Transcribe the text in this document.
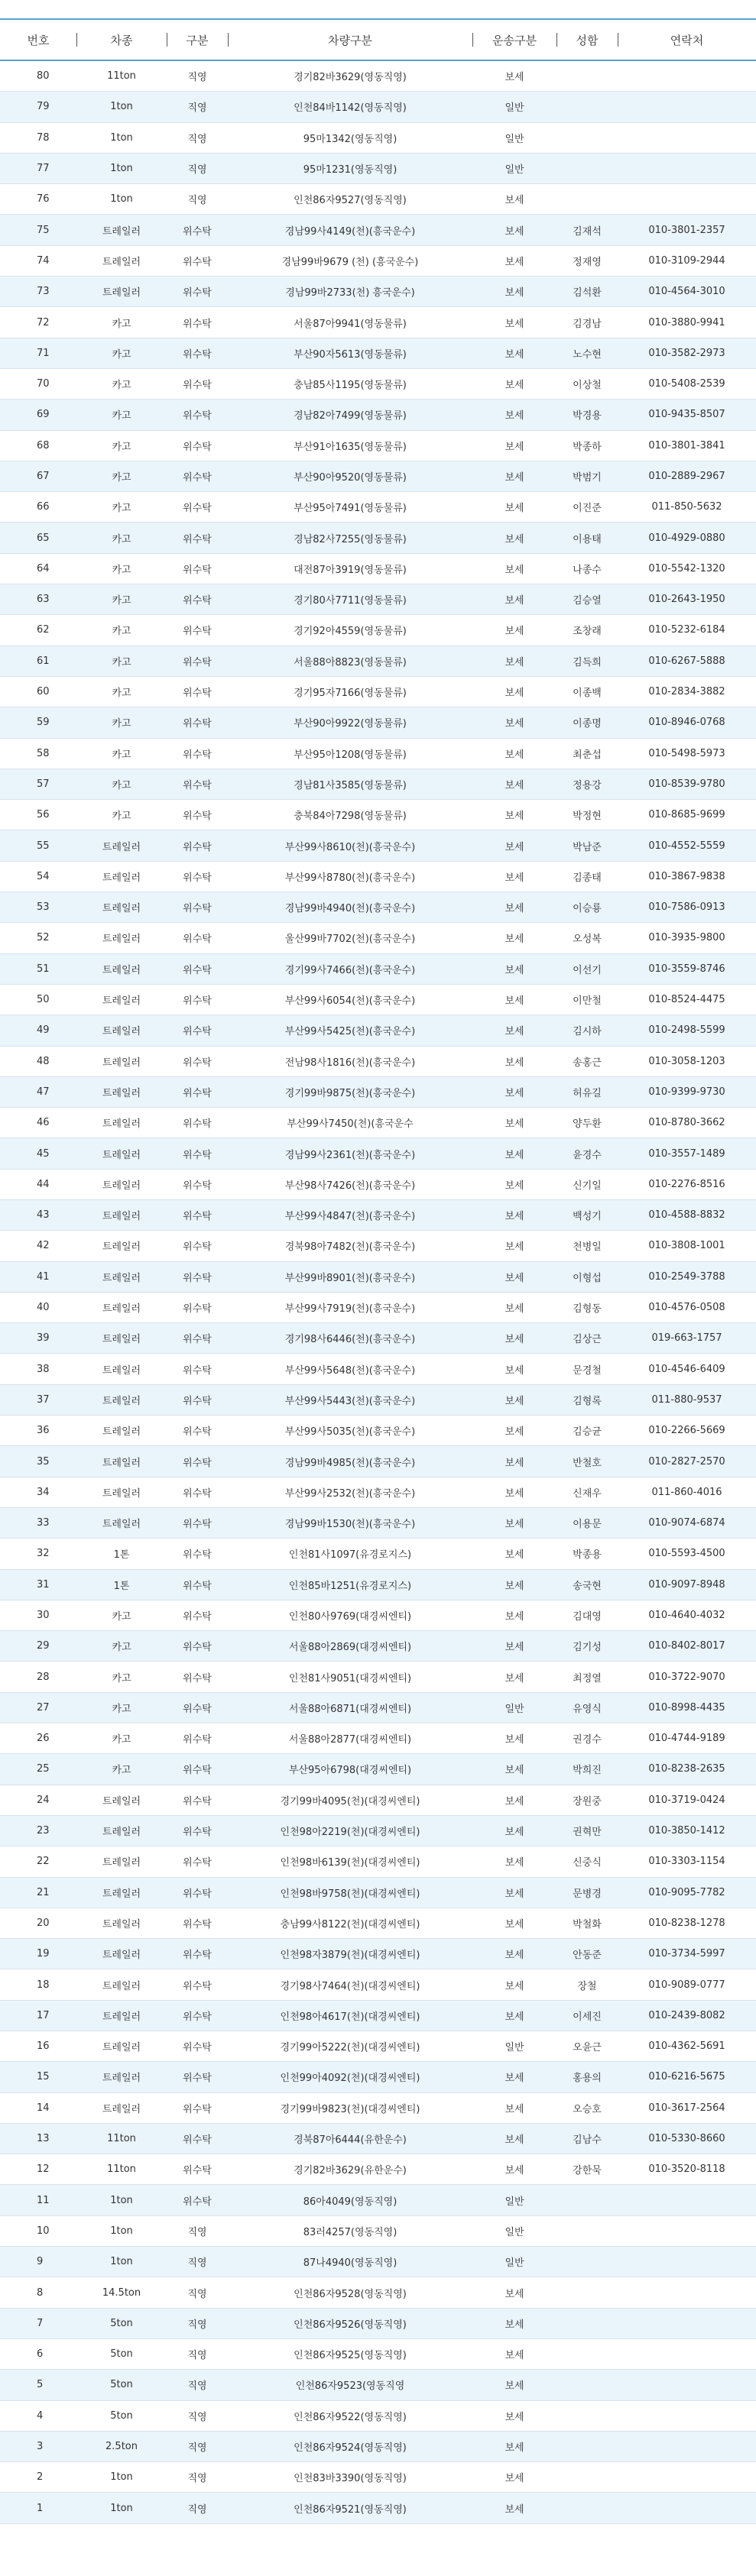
번호	차종	구분	차량구분	운송구분	성함	연락처
80	11ton	직영	경기82바3629(영동직영)	보세		
79	1ton	직영	인천84바1142(영동직영)	일반		
78	1ton	직영	95마1342(영동직영)	일반		
77	1ton	직영	95마1231(영동직영)	일반		
76	1ton	직영	인천86자9527(영동직영)	보세		
75	트레일러	위수탁	경남99사4149(천)(흥국운수)	보세	김재석	010-3801-2357
74	트레일러	위수탁	경남99바9679 (천) (흥국운수)	보세	정재영	010-3109-2944
73	트레일러	위수탁	경남99바2733(천) 흥국운수)	보세	김석환	010-4564-3010
72	카고	위수탁	서울87아9941(영동물류)	보세	김경남	010-3880-9941
71	카고	위수탁	부산90자5613(영동물류)	보세	노수현	010-3582-2973
70	카고	위수탁	충남85사1195(영동물류)	보세	이상철	010-5408-2539
69	카고	위수탁	경남82아7499(영동물류)	보세	박경용	010-9435-8507
68	카고	위수탁	부산91아1635(영동물류)	보세	박종하	010-3801-3841
67	카고	위수탁	부산90아9520(영동물류)	보세	박범기	010-2889-2967
66	카고	위수탁	부산95아7491(영동물류)	보세	이진준	011-850-5632
65	카고	위수탁	경남82사7255(영동물류)	보세	이용태	010-4929-0880
64	카고	위수탁	대전87아3919(영동물류)	보세	나종수	010-5542-1320
63	카고	위수탁	경기80사7711(영동물류)	보세	김승열	010-2643-1950
62	카고	위수탁	경기92아4559(영동물류)	보세	조창래	010-5232-6184
61	카고	위수탁	서울88아8823(영동물류)	보세	김득희	010-6267-5888
60	카고	위수탁	경기95자7166(영동물류)	보세	이종백	010-2834-3882
59	카고	위수탁	부산90아9922(영동물류)	보세	이종명	010-8946-0768
58	카고	위수탁	부산95아1208(영동물류)	보세	최춘섭	010-5498-5973
57	카고	위수탁	경남81사3585(영동물류)	보세	정용강	010-8539-9780
56	카고	위수탁	충북84아7298(영동물류)	보세	박정현	010-8685-9699
55	트레일러	위수탁	부산99사8610(천)(흥국운수)	보세	박남준	010-4552-5559
54	트레일러	위수탁	부산99사8780(천)(흥국운수)	보세	김종태	010-3867-9838
53	트레일러	위수탁	경남99바4940(천)(흥국운수)	보세	이승룡	010-7586-0913
52	트레일러	위수탁	울산99바7702(천)(흥국운수)	보세	오성복	010-3935-9800
51	트레일러	위수탁	경기99사7466(천)(흥국운수)	보세	이선기	010-3559-8746
50	트레일러	위수탁	부산99사6054(천)(흥국운수)	보세	이만철	010-8524-4475
49	트레일러	위수탁	부산99사5425(천)(흥국운수)	보세	김시하	010-2498-5599
48	트레일러	위수탁	전남98사1816(천)(흥국운수)	보세	송홍근	010-3058-1203
47	트레일러	위수탁	경기99바9875(천)(흥국운수)	보세	허유길	010-9399-9730
46	트레일러	위수탁	부산99사7450(천)(흥국운수	보세	양두환	010-8780-3662
45	트레일러	위수탁	경남99사2361(천)(흥국운수)	보세	윤경수	010-3557-1489
44	트레일러	위수탁	부산98사7426(천)(흥국운수)	보세	신기일	010-2276-8516
43	트레일러	위수탁	부산99사4847(천)(흥국운수)	보세	백성기	010-4588-8832
42	트레일러	위수탁	경북98아7482(천)(흥국운수)	보세	천병일	010-3808-1001
41	트레일러	위수탁	부산99바8901(천)(흥국운수)	보세	이형섭	010-2549-3788
40	트레일러	위수탁	부산99사7919(천)(흥국운수)	보세	김형동	010-4576-0508
39	트레일러	위수탁	경기98사6446(천)(흥국운수)	보세	김상근	019-663-1757
38	트레일러	위수탁	부산99사5648(천)(흥국운수)	보세	문경철	010-4546-6409
37	트레일러	위수탁	부산99사5443(천)(흥국운수)	보세	김형록	011-880-9537
36	트레일러	위수탁	부산99사5035(천)(흥국운수)	보세	김승균	010-2266-5669
35	트레일러	위수탁	경남99바4985(천)(흥국운수)	보세	반철호	010-2827-2570
34	트레일러	위수탁	부산99사2532(천)(흥국운수)	보세	신재우	011-860-4016
33	트레일러	위수탁	경남99바1530(천)(흥국운수)	보세	이용문	010-9074-6874
32	1톤	위수탁	인천81사1097(유경로지스)	보세	박종용	010-5593-4500
31	1톤	위수탁	인천85바1251(유경로지스)	보세	송국현	010-9097-8948
30	카고	위수탁	인천80사9769(대경씨엔티)	보세	김대영	010-4640-4032
29	카고	위수탁	서울88아2869(대경씨엔티)	보세	김기성	010-8402-8017
28	카고	위수탁	인천81사9051(대경씨엔티)	보세	최정열	010-3722-9070
27	카고	위수탁	서울88아6871(대경씨엔티)	일반	유영식	010-8998-4435
26	카고	위수탁	서울88아2877(대경씨엔티)	보세	권경수	010-4744-9189
25	카고	위수탁	부산95아6798(대경씨엔티)	보세	박희진	010-8238-2635
24	트레일러	위수탁	경기99바4095(천)(대경씨엔티)	보세	장원중	010-3719-0424
23	트레일러	위수탁	인천98아2219(천)(대경씨엔티)	보세	권혁만	010-3850-1412
22	트레일러	위수탁	인천98바6139(천)(대경씨엔티)	보세	신중식	010-3303-1154
21	트레일러	위수탁	인천98바9758(천)(대경씨엔티)	보세	문병경	010-9095-7782
20	트레일러	위수탁	충남99사8122(천)(대경씨엔티)	보세	박철화	010-8238-1278
19	트레일러	위수탁	인천98자3879(천)(대경씨엔티)	보세	안동준	010-3734-5997
18	트레일러	위수탁	경기98사7464(천)(대경씨엔티)	보세	장철	010-9089-0777
17	트레일러	위수탁	인천98아4617(천)(대경씨엔티)	보세	이세진	010-2439-8082
16	트레일러	위수탁	경기99아5222(천)(대경씨엔티)	일반	오윤근	010-4362-5691
15	트레일러	위수탁	인천99아4092(천)(대경씨엔티)	보세	홍용의	010-6216-5675
14	트레일러	위수탁	경기99바9823(천)(대경씨엔티)	보세	오승호	010-3617-2564
13	11ton	위수탁	경북87아6444(유한운수)	보세	김남수	010-5330-8660
12	11ton	위수탁	경기82바3629(유한운수)	보세	강한묵	010-3520-8118
11	1ton	위수탁	86아4049(영동직영)	일반		
10	1ton	직영	83러4257(영동직영)	일반		
9	1ton	직영	87나4940(영동직영)	일반		
8	14.5ton	직영	인천86자9528(영동직영)	보세		
7	5ton	직영	인천86자9526(영동직영)	보세		
6	5ton	직영	인천86자9525(영동직영)	보세		
5	5ton	직영	인천86자9523(영동직영	보세		
4	5ton	직영	인천86자9522(영동직영)	보세		
3	2.5ton	직영	인천86자9524(영동직영)	보세		
2	1ton	직영	인천83바3390(영동직영)	보세		
1	1ton	직영	인천86자9521(영동직영)	보세		
